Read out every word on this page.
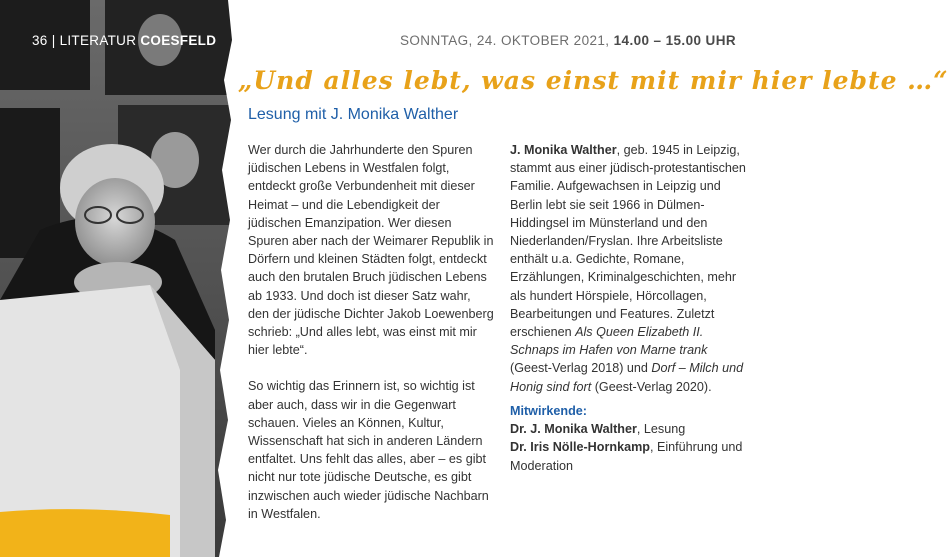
36 | LITERATUR COESFELD	SONNTAG, 24. OKTOBER 2021, 14.00 – 15.00 UHR
„Und alles lebt, was einst mit mir hier lebte …“
Lesung mit J. Monika Walther

Wer durch die Jahrhunderte den Spuren jüdischen Lebens in Westfalen folgt, entdeckt große Verbundenheit mit dieser Heimat – und die Lebendigkeit der jüdischen Emanzipation. Wer diesen Spuren aber nach der Weimarer Republik in Dörfern und kleinen Städten folgt, entdeckt auch den brutalen Bruch jüdischen Lebens ab 1933. Und doch ist dieser Satz wahr, den der jüdische Dichter Jakob Loewenberg schrieb: „Und alles lebt, was einst mit mir hier lebte“.

So wichtig das Erinnern ist, so wichtig ist aber auch, dass wir in die Gegenwart schauen. Vieles an Können, Kultur, Wissenschaft hat sich in anderen Ländern entfaltet. Uns fehlt das alles, aber – es gibt nicht nur tote jüdische Deutsche, es gibt inzwischen auch wieder jüdische Nachbarn in Westfalen.

J. Monika Walther, geb. 1945 in Leipzig, stammt aus einer jüdisch-protestantischen Familie. Aufgewachsen in Leipzig und Berlin lebt sie seit 1966 in Dülmen-Hiddingsel im Münsterland und den Niederlanden/Fryslan. Ihre Arbeitsliste enthält u.a. Gedichte, Romane, Erzählungen, Kriminalgeschichten, mehr als hundert Hörspiele, Hörcollagen, Bearbeitungen und Features. Zuletzt erschienen Als Queen Elizabeth II. Schnaps im Hafen von Marne trank (Geest-Verlag 2018) und Dorf – Milch und Honig sind fort (Geest-Verlag 2020).

Mitwirkende:
Dr. J. Monika Walther, Lesung
Dr. Iris Nölle-Hornkamp, Einführung und Moderation
